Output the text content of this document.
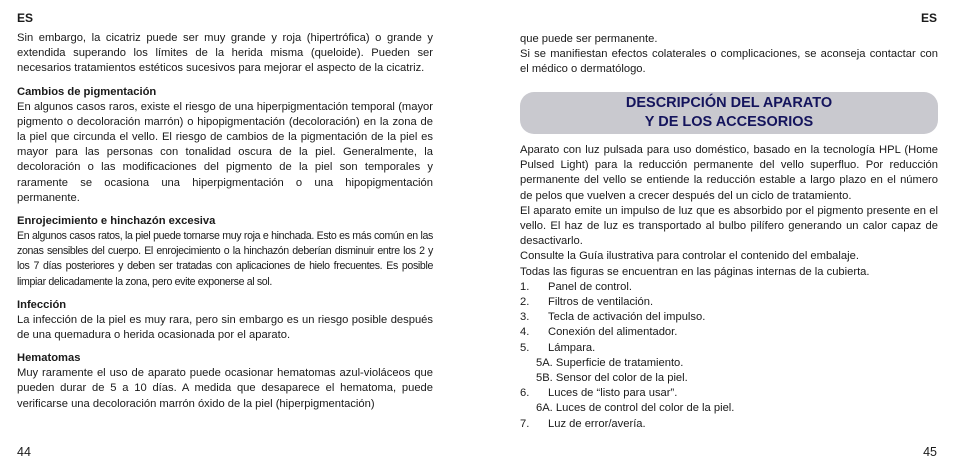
ES

Sin embargo, la cicatriz puede ser muy grande y roja (hipertrófica) o grande y extendida superando los límites de la herida misma (queloide). Pueden ser necesarios tratamientos estéticos sucesivos para mejorar el aspecto de la cicatriz.

Cambios de pigmentación

En algunos casos raros, existe el riesgo de una hiperpigmentación temporal (mayor pigmento o decoloración marrón) o hipopigmentación (decoloración) en la zona de la piel que circunda el vello. El riesgo de cambios de la pigmentación de la piel es mayor para las personas con tonalidad oscura de la piel. Generalmente, la decoloración o las modificaciones del pigmento de la piel son temporales y raramente se ocasiona una hiperpigmentación o una hipopigmentación permanente.

Enrojecimiento e hinchazón excesiva

En algunos casos ratos, la piel puede tornarse muy roja e hinchada. Esto es más común en las zonas sensibles del cuerpo. El enrojecimiento o la hinchazón deberían disminuir entre los 2 y los 7 días posteriores y deben ser tratadas con aplicaciones de hielo frecuentes. Es posible limpiar delicadamente la zona, pero evite exponerse al sol.

Infección

La infección de la piel es muy rara, pero sin embargo es un riesgo posible después de una quemadura o herida ocasionada por el aparato.

Hematomas

Muy raramente el uso de aparato puede ocasionar hematomas azul-violáceos que pueden durar de 5 a 10 días. A medida que desaparece el hematoma, puede verificarse una decoloración marrón óxido de la piel (hiperpigmentación)

44
ES

que puede ser permanente.

Si se manifiestan efectos colaterales o complicaciones, se aconseja contactar con el médico o dermatólogo.

DESCRIPCIÓN DEL APARATO
Y DE LOS ACCESORIOS

Aparato con luz pulsada para uso doméstico, basado en la tecnología HPL (Home Pulsed Light) para la reducción permanente del vello superfluo. Por reducción permanente del vello se entiende la reducción estable a largo plazo en el número de pelos que vuelven a crecer después del un ciclo de tratamiento.

El aparato emite un impulso de luz que es absorbido por el pigmento presente en el vello. El haz de luz es transportado al bulbo pilífero generando un calor capaz de desactivarlo.

Consulte la Guía ilustrativa para controlar el contenido del embalaje.

Todas las figuras se encuentran en las páginas internas de la cubierta.

1.	Panel de control.
2.	Filtros de ventilación.
3.	Tecla de activación del impulso.
4.	Conexión del alimentador.
5.	Lámpara.
5A. Superficie de tratamiento.
5B. Sensor del color de la piel.
6.	Luces de “listo para usar”.
6A. Luces de control del color de la piel.
7.	Luz de error/avería.
45
